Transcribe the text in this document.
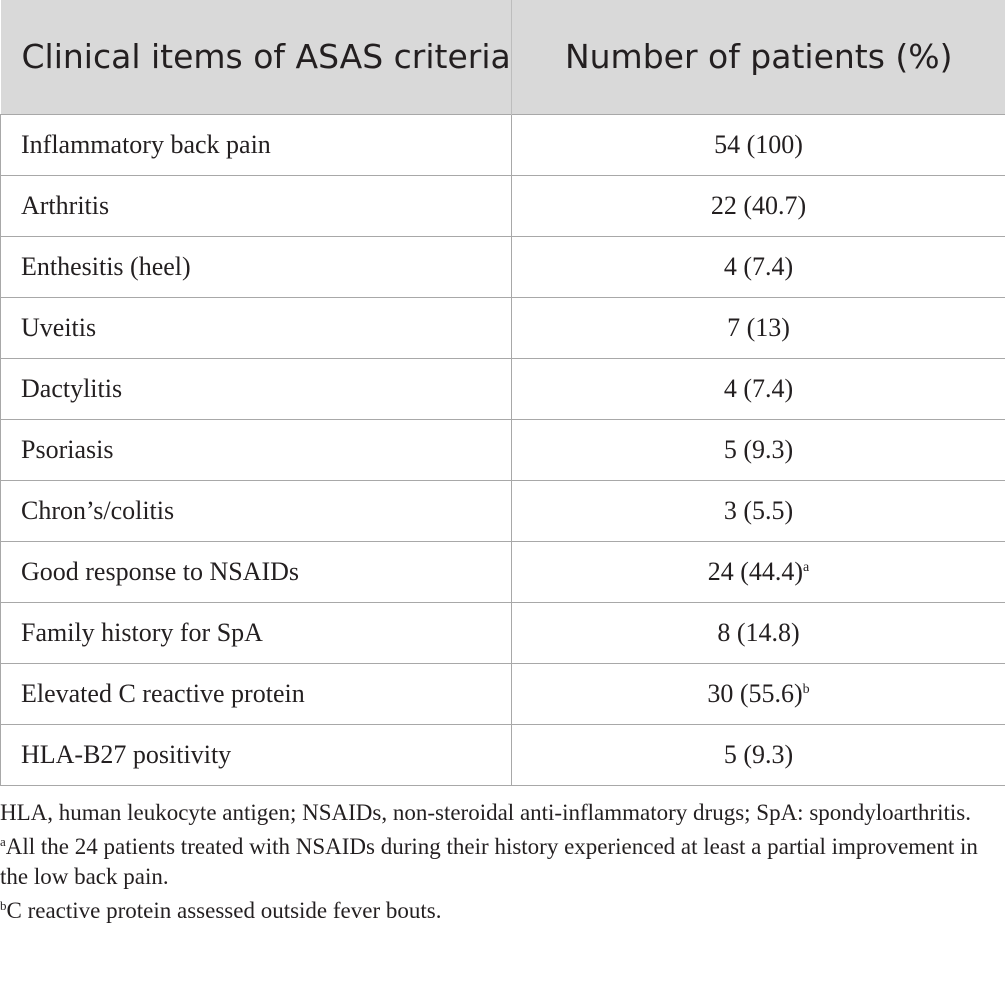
Clinical items of ASAS criteria	Number of patients (%)
Inflammatory back pain	54 (100)
Arthritis	22 (40.7)
Enthesitis (heel)	4 (7.4)
Uveitis	7 (13)
Dactylitis	4 (7.4)
Psoriasis	5 (9.3)
Chron’s/colitis	3 (5.5)
Good response to NSAIDs	24 $(44.4)^a$
Family history for SpA	8 (14.8)
Elevated C reactive protein	30 $(55.6)^b$
HLA-B27 positivity	5 (9.3)

HLA, human leukocyte antigen; NSAIDs, non-steroidal anti-inflammatory drugs; SpA: spondyloarthritis.

$^a$All the 24 patients treated with NSAIDs during their history experienced at least a partial improvement in the low back pain.

$^b$C reactive protein assessed outside fever bouts.
